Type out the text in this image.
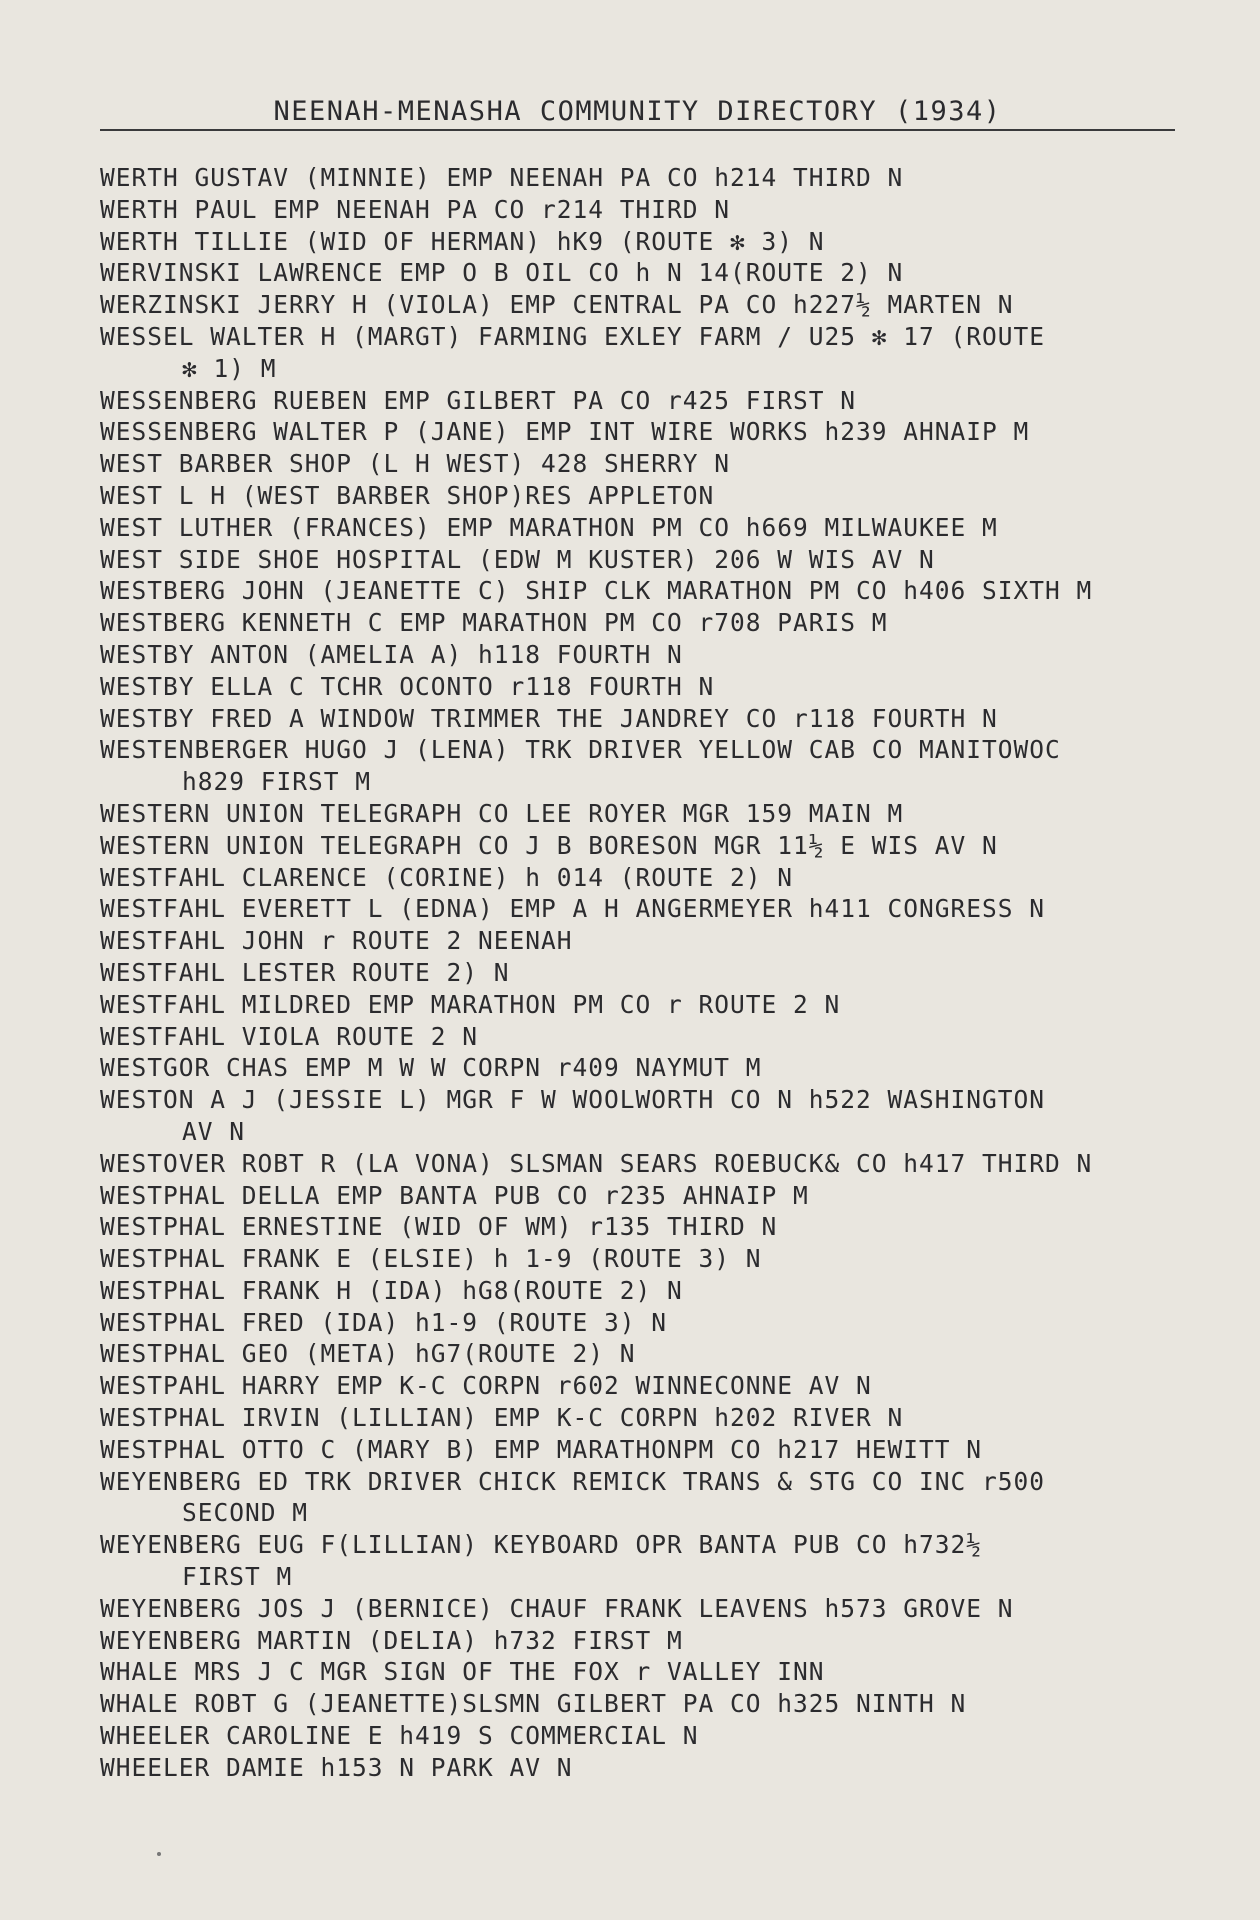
NEENAH-MENASHA COMMUNITY DIRECTORY (1934)
WERTH GUSTAV (MINNIE) EMP NEENAH PA CO h214 THIRD N
WERTH PAUL EMP NEENAH PA CO r214 THIRD N
WERTH TILLIE (WID OF HERMAN) hK9 (ROUTE ✻ 3) N
WERVINSKI LAWRENCE EMP O B OIL CO h N 14(ROUTE 2) N
WERZINSKI JERRY H (VIOLA) EMP CENTRAL PA CO h227½ MARTEN N
WESSEL WALTER H (MARGT) FARMING EXLEY FARM / U25 ✻ 17 (ROUTE
✻ 1) M
WESSENBERG RUEBEN EMP GILBERT PA CO r425 FIRST N
WESSENBERG WALTER P (JANE) EMP INT WIRE WORKS h239 AHNAIP M
WEST BARBER SHOP (L H WEST) 428 SHERRY N
WEST L H (WEST BARBER SHOP)RES APPLETON
WEST LUTHER (FRANCES) EMP MARATHON PM CO h669 MILWAUKEE M
WEST SIDE SHOE HOSPITAL (EDW M KUSTER) 206 W WIS AV N
WESTBERG JOHN (JEANETTE C) SHIP CLK MARATHON PM CO h406 SIXTH M
WESTBERG KENNETH C EMP MARATHON PM CO r708 PARIS M
WESTBY ANTON (AMELIA A) h118 FOURTH N
WESTBY ELLA C TCHR OCONTO r118 FOURTH N
WESTBY FRED A WINDOW TRIMMER THE JANDREY CO r118 FOURTH N
WESTENBERGER HUGO J (LENA) TRK DRIVER YELLOW CAB CO MANITOWOC
h829 FIRST M
WESTERN UNION TELEGRAPH CO LEE ROYER MGR 159 MAIN M
WESTERN UNION TELEGRAPH CO J B BORESON MGR 11½ E WIS AV N
WESTFAHL CLARENCE (CORINE) h 014 (ROUTE 2) N
WESTFAHL EVERETT L (EDNA) EMP A H ANGERMEYER h411 CONGRESS N
WESTFAHL JOHN r ROUTE 2 NEENAH
WESTFAHL LESTER ROUTE 2) N
WESTFAHL MILDRED EMP MARATHON PM CO r ROUTE 2 N
WESTFAHL VIOLA ROUTE 2 N
WESTGOR CHAS EMP M W W CORPN r409 NAYMUT M
WESTON A J (JESSIE L) MGR F W WOOLWORTH CO N h522 WASHINGTON
AV N
WESTOVER ROBT R (LA VONA) SLSMAN SEARS ROEBUCK& CO h417 THIRD N
WESTPHAL DELLA EMP BANTA PUB CO r235 AHNAIP M
WESTPHAL ERNESTINE (WID OF WM) r135 THIRD N
WESTPHAL FRANK E (ELSIE) h 1-9 (ROUTE 3) N
WESTPHAL FRANK H (IDA) hG8(ROUTE 2) N
WESTPHAL FRED (IDA) h1-9 (ROUTE 3) N
WESTPHAL GEO (META) hG7(ROUTE 2) N
WESTPAHL HARRY EMP K-C CORPN r602 WINNECONNE AV N
WESTPHAL IRVIN (LILLIAN) EMP K-C CORPN h202 RIVER N
WESTPHAL OTTO C (MARY B) EMP MARATHONPM CO h217 HEWITT N
WEYENBERG ED TRK DRIVER CHICK REMICK TRANS & STG CO INC r500
SECOND M
WEYENBERG EUG F(LILLIAN) KEYBOARD OPR BANTA PUB CO h732½
FIRST M
WEYENBERG JOS J (BERNICE) CHAUF FRANK LEAVENS h573 GROVE N
WEYENBERG MARTIN (DELIA) h732 FIRST M
WHALE MRS J C MGR SIGN OF THE FOX r VALLEY INN
WHALE ROBT G (JEANETTE)SLSMN GILBERT PA CO h325 NINTH N
WHEELER CAROLINE E h419 S COMMERCIAL N
WHEELER DAMIE h153 N PARK AV N
